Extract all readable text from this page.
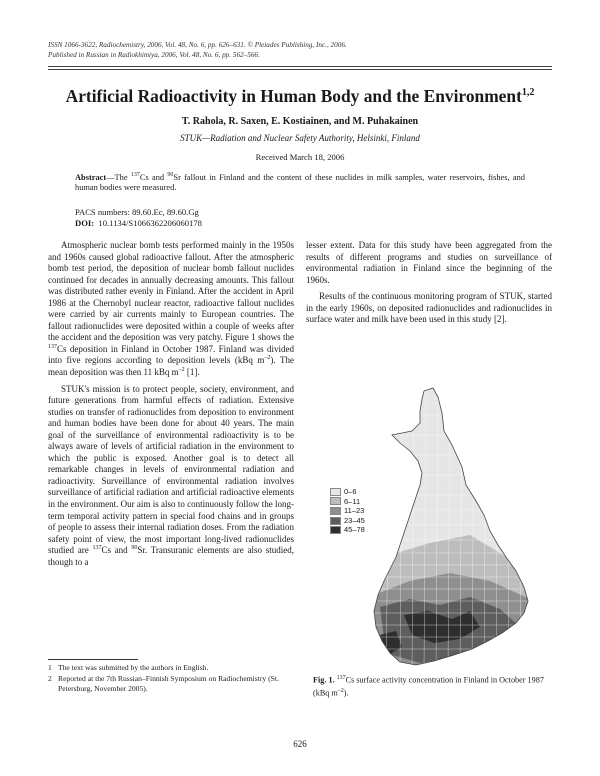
ISSN 1066-3622, Radiochemistry, 2006, Vol. 48, No. 6, pp. 626–631. © Pleiades Publishing, Inc., 2006.
Published in Russian in Radiokhimiya, 2006, Vol. 48, No. 6, pp. 562–566.
Artificial Radioactivity in Human Body and the Environment$^{1,2}$
T. Rahola, R. Saxen, E. Kostiainen, and M. Puhakainen
STUK—Radiation and Nuclear Safety Authority, Helsinki, Finland
Received March 18, 2006
Abstract—The $^{137}$Cs and $^{90}$Sr fallout in Finland and the content of these nuclides in milk samples, water reservoirs, fishes, and human bodies were measured.
PACS numbers: 89.60.Ec, 89.60.Gg
DOI: 10.1134/S1066362206060178

Atmospheric nuclear bomb tests performed mainly in the 1950s and 1960s caused global radioactive fallout. After the atmospheric bomb test period, the deposition of nuclear bomb fallout nuclides continued for decades in annually decreasing amounts. This fallout was distributed rather evenly in Finland. After the accident in April 1986 at the Chernobyl nuclear reactor, radioactive fallout nuclides were carried by air currents mainly to European countries. The fallout radionuclides were deposited within a couple of weeks after the accident and the deposition was very patchy. Figure 1 shows the $^{137}$Cs deposition in Finland in October 1987. Finland was divided into five regions according to deposition levels (kBq $m^{-2}$). The mean deposition was then 11 kBq $m^{-2}$ [1].

STUK's mission is to protect people, society, environment, and future generations from harmful effects of radiation. Extensive studies on transfer of radionuclides from deposition to environment and human bodies have been done for about 40 years. The main goal of the surveillance of environmental radioactivity is to be always aware of levels of artificial radiation in the environment to which the public is exposed. Another goal is to detect all remarkable changes in levels of environmental radiation and radioactivity. Surveillance of environmental radiation involves surveillance of artificial radiation and artificial radioactive elements in the environment. Our aim is also to continuously follow the long-term temporal activity pattern in special food chains and in groups of people to assess their internal radiation doses. From the radiation safety point of view, the most important long-lived radionuclides studied are $^{137}$Cs and $^{90}$Sr. Transuranic elements are also studied, though to a

1 The text was submitted by the authors in English.
2 Reported at the 7th Russian–Finnish Symposium on Radiochemistry (St. Petersburg, November 2005).

lesser extent. Data for this study have been aggregated from the results of different programs and studies on surveillance of environmental radiation in Finland since the beginning of the 1960s.

Results of the continuous monitoring program of STUK, started in the early 1960s, on deposited radionuclides and radionuclides in surface water and milk have been used in this study [2].

0–6
6–11
11–23
23–45
45–78
Fig. 1. $^{137}$Cs surface activity concentration in Finland in October 1987 (kBq $m^{-2}$).
626
